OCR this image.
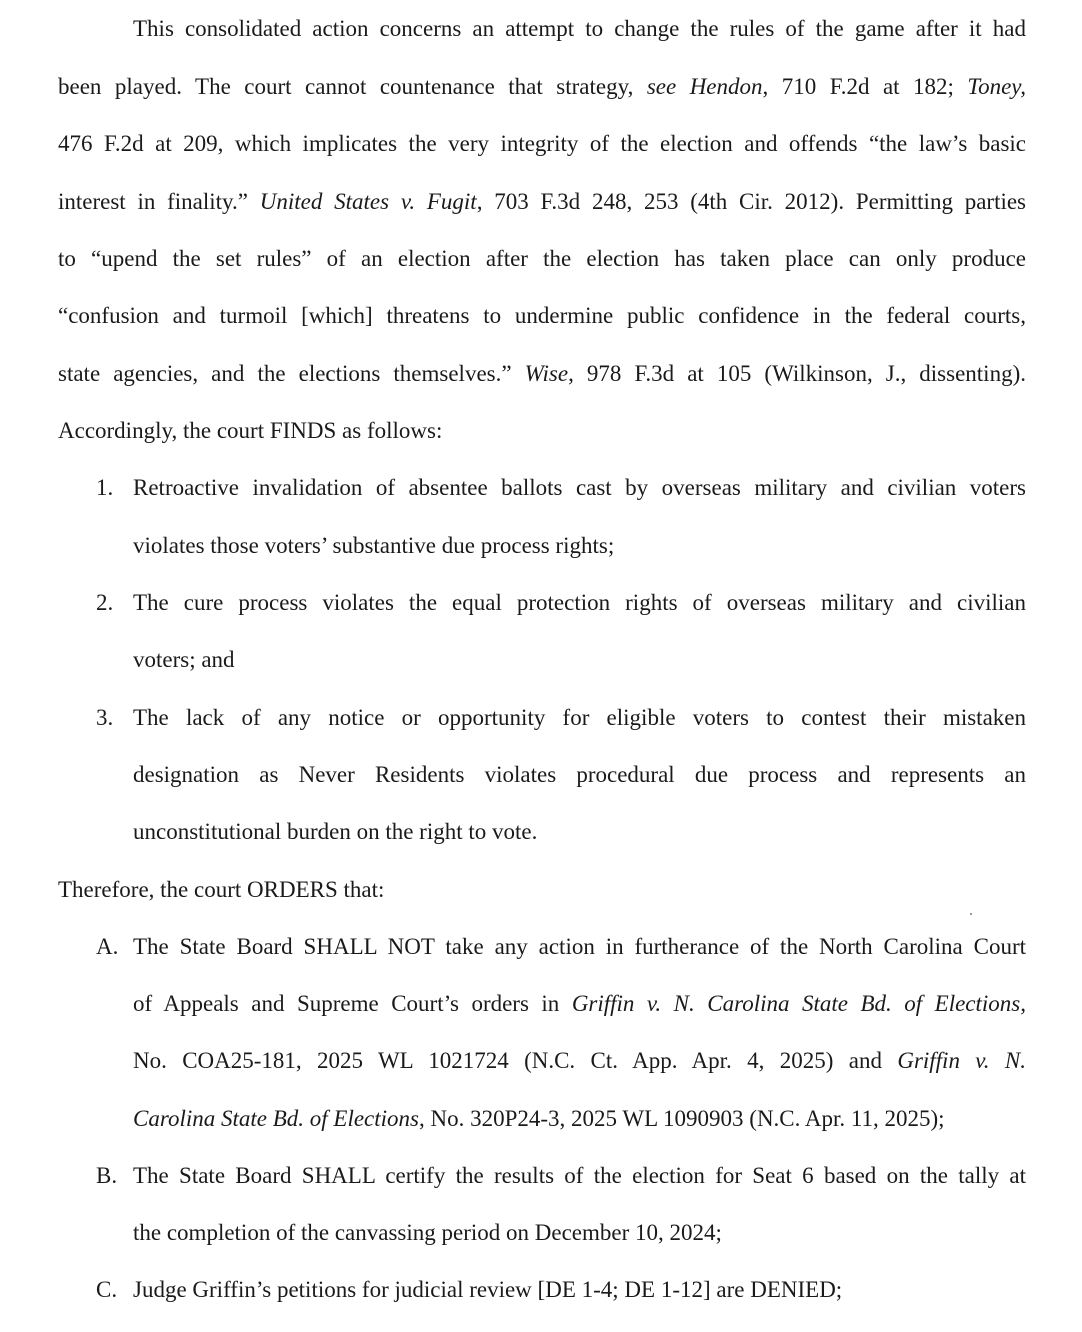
This consolidated action concerns an attempt to change the rules of the game after it had
been played. The court cannot countenance that strategy, see Hendon, 710 F.2d at 182; Toney,
476 F.2d at 209, which implicates the very integrity of the election and offends “the law’s basic
interest in finality.” United States v. Fugit, 703 F.3d 248, 253 (4th Cir. 2012). Permitting parties
to “upend the set rules” of an election after the election has taken place can only produce
“confusion and turmoil [which] threatens to undermine public confidence in the federal courts,
state agencies, and the elections themselves.” Wise, 978 F.3d at 105 (Wilkinson, J., dissenting).
Accordingly, the court FINDS as follows:
1. Retroactive invalidation of absentee ballots cast by overseas military and civilian voters
violates those voters’ substantive due process rights;
2. The cure process violates the equal protection rights of overseas military and civilian
voters; and
3. The lack of any notice or opportunity for eligible voters to contest their mistaken
designation as Never Residents violates procedural due process and represents an
unconstitutional burden on the right to vote.
Therefore, the court ORDERS that:
A. The State Board SHALL NOT take any action in furtherance of the North Carolina Court
of Appeals and Supreme Court’s orders in Griffin v. N. Carolina State Bd. of Elections,
No. COA25-181, 2025 WL 1021724 (N.C. Ct. App. Apr. 4, 2025) and Griffin v. N.
Carolina State Bd. of Elections, No. 320P24-3, 2025 WL 1090903 (N.C. Apr. 11, 2025);
B. The State Board SHALL certify the results of the election for Seat 6 based on the tally at
the completion of the canvassing period on December 10, 2024;
C. Judge Griffin’s petitions for judicial review [DE 1-4; DE 1-12] are DENIED;
